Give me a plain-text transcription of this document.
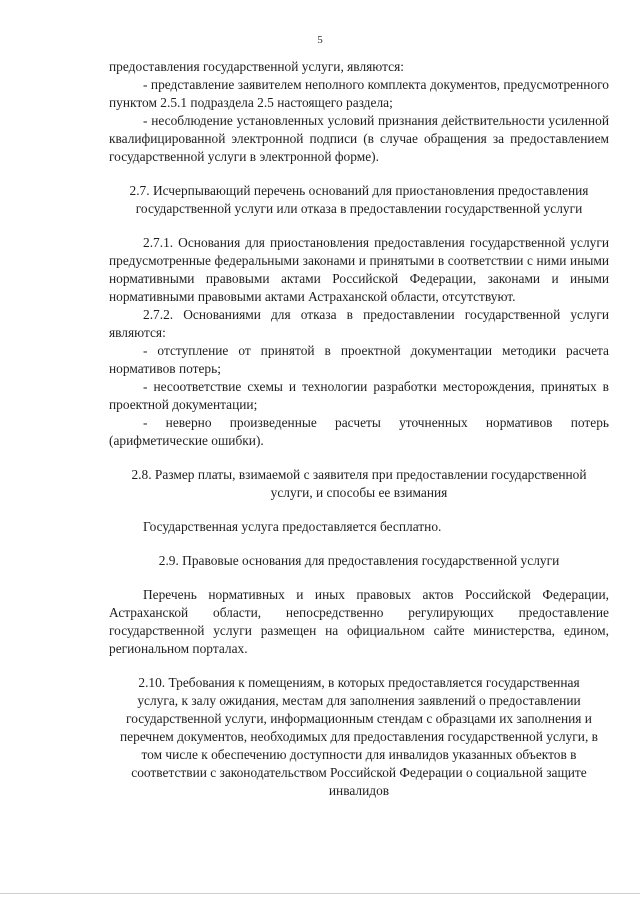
5

предоставления государственной услуги, являются:

- представление заявителем неполного комплекта документов, предусмотренного пунктом 2.5.1 подраздела 2.5 настоящего раздела;

- несоблюдение установленных условий признания действительности усиленной квалифицированной электронной подписи (в случае обращения за предоставлением государственной услуги в электронной форме).

2.7. Исчерпывающий перечень оснований для приостановления предоставления государственной услуги или отказа в предоставлении государственной услуги

2.7.1. Основания для приостановления предоставления государственной услуги предусмотренные федеральными законами и принятыми в соответствии с ними иными нормативными правовыми актами Российской Федерации, законами и иными нормативными правовыми актами Астраханской области, отсутствуют.

2.7.2. Основаниями для отказа в предоставлении государственной услуги являются:

- отступление от принятой в проектной документации методики расчета нормативов потерь;

- несоответствие схемы и технологии разработки месторождения, принятых в проектной документации;

- неверно произведенные расчеты уточненных нормативов потерь (арифметические ошибки).

2.8. Размер платы, взимаемой с заявителя при предоставлении государственной услуги, и способы ее взимания

Государственная услуга предоставляется бесплатно.

2.9. Правовые основания для предоставления государственной услуги

Перечень нормативных и иных правовых актов Российской Федерации, Астраханской области, непосредственно регулирующих предоставление государственной услуги размещен на официальном сайте министерства, едином, региональном порталах.

2.10. Требования к помещениям, в которых предоставляется государственная услуга, к залу ожидания, местам для заполнения заявлений о предоставлении государственной услуги, информационным стендам с образцами их заполнения и перечнем документов, необходимых для предоставления государственной услуги, в том числе к обеспечению доступности для инвалидов указанных объектов в соответствии с законодательством Российской Федерации о социальной защите инвалидов
